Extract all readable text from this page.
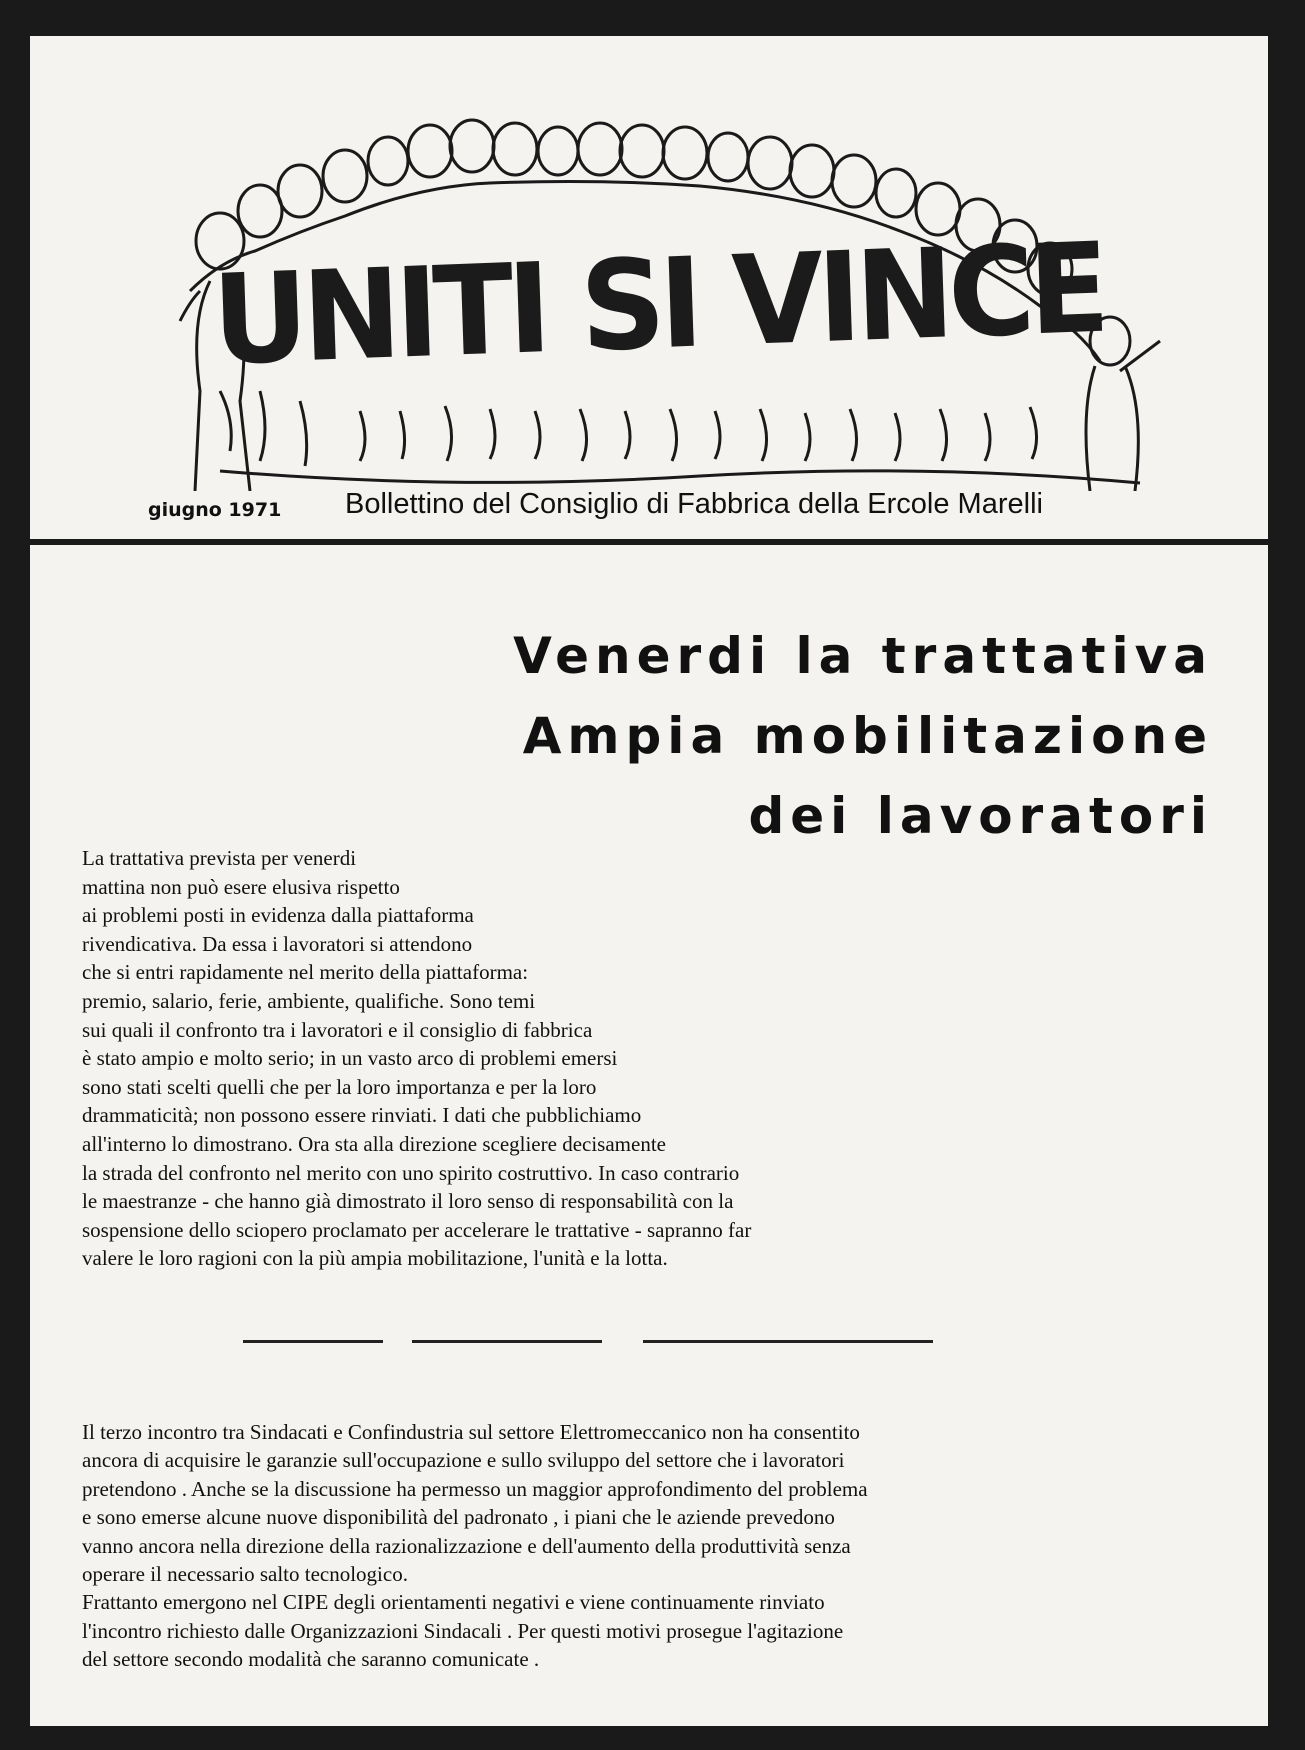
UNITI SI VINCE
giugno 1971 Bollettino del Consiglio di Fabbrica della Ercole Marelli
Venerdi la trattativa
Ampia mobilitazione
dei lavoratori
La trattativa prevista per venerdi
mattina non può esere elusiva rispetto
ai problemi posti in evidenza dalla piattaforma
rivendicativa. Da essa i lavoratori si attendono
che si entri rapidamente nel merito della piattaforma:
premio, salario, ferie, ambiente, qualifiche. Sono temi
sui quali il confronto tra i lavoratori e il consiglio di fabbrica
è stato ampio e molto serio; in un vasto arco di problemi emersi
sono stati scelti quelli che per la loro importanza e per la loro
drammaticità; non possono essere rinviati. I dati che pubblichiamo
all'interno lo dimostrano. Ora sta alla direzione scegliere decisamente
la strada del confronto nel merito con uno spirito costruttivo. In caso contrario
le maestranze - che hanno già dimostrato il loro senso di responsabilità con la
sospensione dello sciopero proclamato per accelerare le trattative - sapranno far
valere le loro ragioni con la più ampia mobilitazione, l'unità e la lotta.
Il terzo incontro tra Sindacati e Confindustria sul settore Elettromeccanico non ha consentito
ancora di acquisire le garanzie sull'occupazione e sullo sviluppo del settore che i lavoratori
pretendono . Anche se la discussione ha permesso un maggior approfondimento del problema
e sono emerse alcune nuove disponibilità del padronato , i piani che le aziende prevedono
vanno ancora nella direzione della razionalizzazione e dell'aumento della produttività senza
operare il necessario salto tecnologico.
Frattanto emergono nel CIPE degli orientamenti negativi e viene continuamente rinviato
l'incontro richiesto dalle Organizzazioni Sindacali . Per questi motivi prosegue l'agitazione
del settore secondo modalità che saranno comunicate .
